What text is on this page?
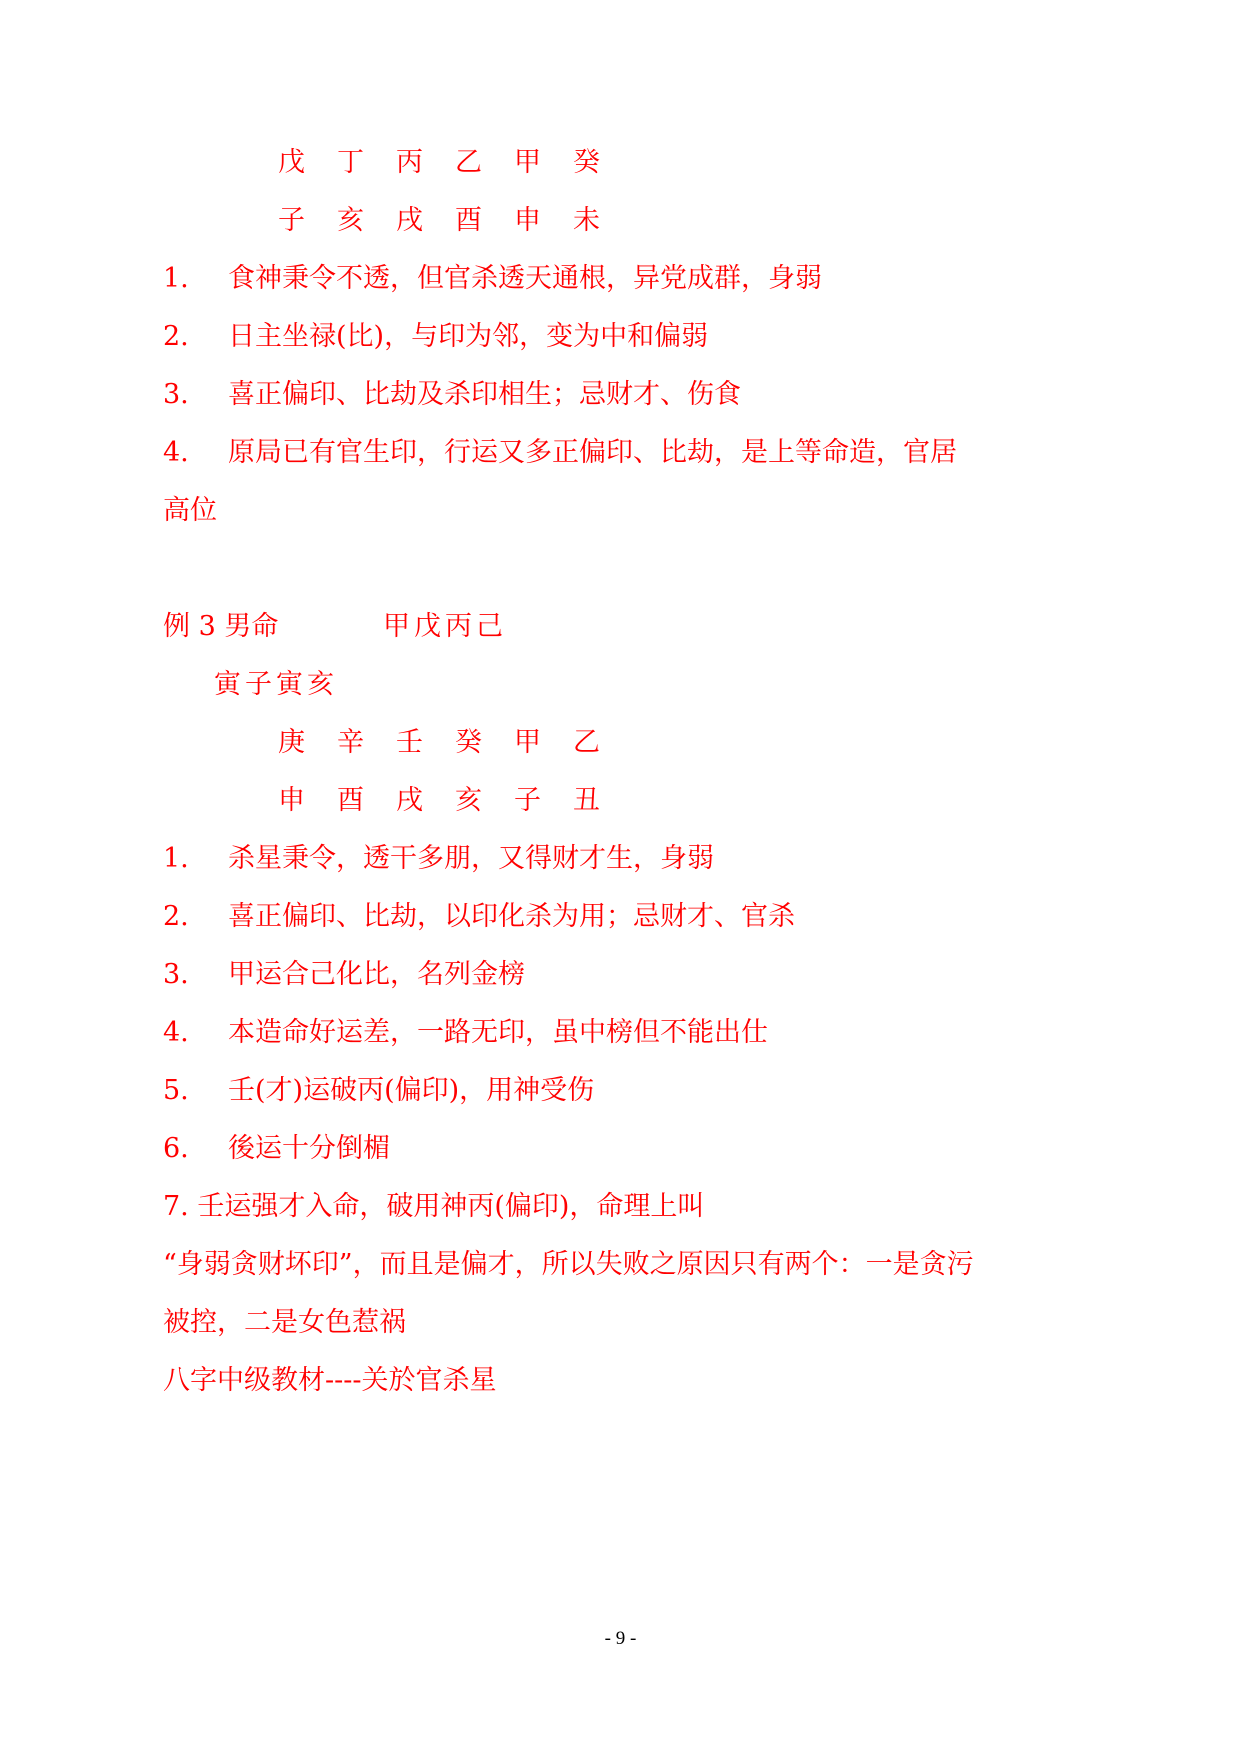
戊 丁 丙 乙 甲 癸
子 亥 戌 酉 申 未
1. 食神秉令不透，但官杀透天通根，异党成群，身弱
2. 日主坐禄(比)，与印为邻，变为中和偏弱
3. 喜正偏印、比劫及杀印相生；忌财才、伤食
4. 原局已有官生印，行运又多正偏印、比劫，是上等命造，官居
高位
例 3 男命	甲 戊 丙 己
寅 子 寅 亥
庚 辛 壬 癸 甲 乙
申 酉 戌 亥 子 丑
1. 杀星秉令，透干多朋，又得财才生，身弱
2. 喜正偏印、比劫，以印化杀为用；忌财才、官杀
3. 甲运合己化比，名列金榜
4. 本造命好运差，一路无印，虽中榜但不能出仕
5. 壬(才)运破丙(偏印)，用神受伤
6. 後运十分倒楣
7. 壬运强才入命，破用神丙(偏印)，命理上叫
“身弱贪财坏印”，而且是偏才，所以失败之原因只有两个：一是贪污
被控，二是女色惹祸
八字中级教材----关於官杀星
- 9 -
